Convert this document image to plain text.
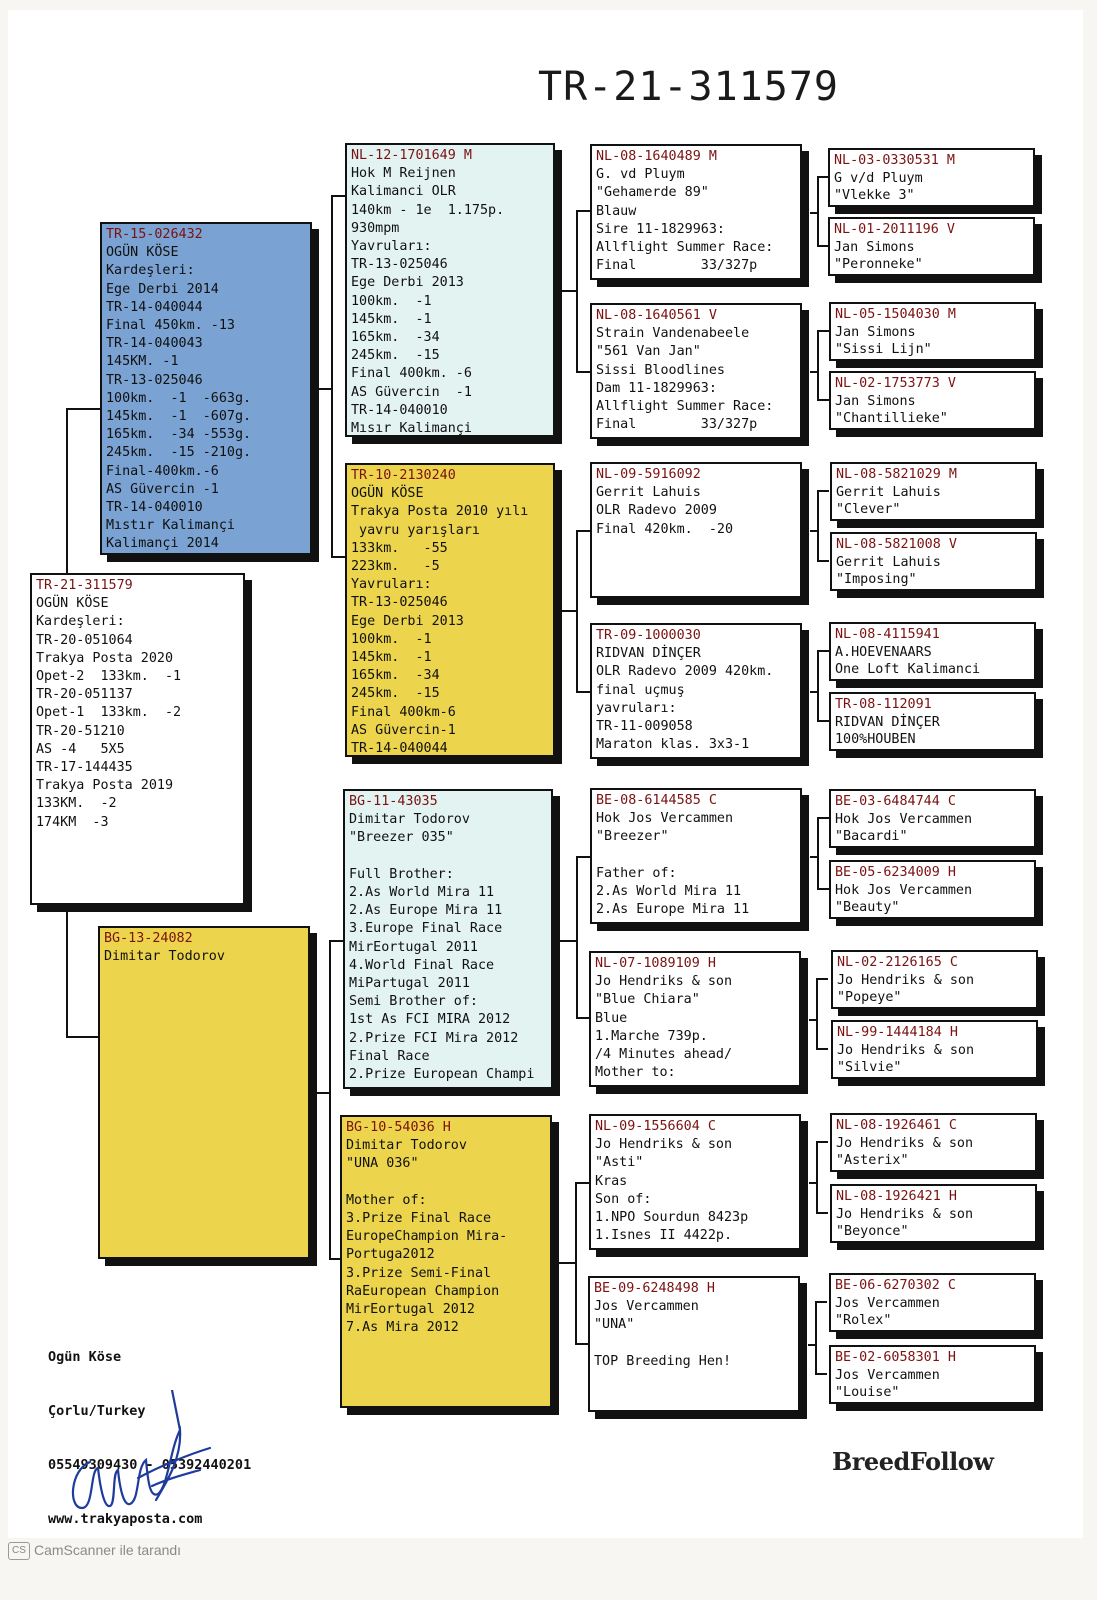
TR-21-311579
TR-21-311579
OGÜN KÖSE
Kardeşleri:
TR-20-051064
Trakya Posta 2020
Opet-2  133km.  -1
TR-20-051137
Opet-1  133km.  -2
TR-20-51210
AS -4   5X5
TR-17-144435
Trakya Posta 2019
133KM.  -2
174KM  -3
TR-15-026432
OGÜN KÖSE
Kardeşleri:
Ege Derbi 2014
TR-14-040044
Final 450km. -13
TR-14-040043
145KM. -1
TR-13-025046
100km.  -1  -663g.
145km.  -1  -607g.
165km.  -34 -553g.
245km.  -15 -210g.
Final-400km.-6
AS Güvercin -1
TR-14-040010
Mıstır Kalimançi
Kalimançi 2014
BG-13-24082
Dimitar Todorov
NL-12-1701649 M
Hok M Reijnen
Kalimanci OLR
140km - 1e  1.175p.
930mpm
Yavruları:
TR-13-025046
Ege Derbi 2013
100km.  -1
145km.  -1
165km.  -34
245km.  -15
Final 400km. -6
AS Güvercin  -1
TR-14-040010
Mısır Kalimançi
TR-10-2130240
OGÜN KÖSE
Trakya Posta 2010 yılı
yavru yarışları
133km.   -55
223km.   -5
Yavruları:
TR-13-025046
Ege Derbi 2013
100km.  -1
145km.  -1
165km.  -34
245km.  -15
Final 400km-6
AS Güvercin-1
TR-14-040044
BG-11-43035
Dimitar Todorov
"Breezer 035"

Full Brother:
2.As World Mira 11
2.As Europe Mira 11
3.Europe Final Race
MirEortugal 2011
4.World Final Race
MiPartugal 2011
Semi Brother of:
1st As FCI MIRA 2012
2.Prize FCI Mira 2012
Final Race
2.Prize European Champi
BG-10-54036 H
Dimitar Todorov
"UNA 036"

Mother of:
3.Prize Final Race
EuropeChampion Mira-
Portuga2012
3.Prize Semi-Final
RaEuropean Champion
MirEortugal 2012
7.As Mira 2012
NL-08-1640489 M
G. vd Pluym
"Gehamerde 89"
Blauw
Sire 11-1829963:
Allflight Summer Race:
Final        33/327p
NL-08-1640561 V
Strain Vandenabeele
"561 Van Jan"
Sissi Bloodlines
Dam 11-1829963:
Allflight Summer Race:
Final        33/327p
NL-09-5916092
Gerrit Lahuis
OLR Radevo 2009
Final 420km.  -20
TR-09-1000030
RIDVAN DİNÇER
OLR Radevo 2009 420km.
final uçmuş
yavruları:
TR-11-009058
Maraton klas. 3x3-1
BE-08-6144585 C
Hok Jos Vercammen
"Breezer"

Father of:
2.As World Mira 11
2.As Europe Mira 11
NL-07-1089109 H
Jo Hendriks & son
"Blue Chiara"
Blue
1.Marche 739p.
/4 Minutes ahead/
Mother to:
NL-09-1556604 C
Jo Hendriks & son
"Asti"
Kras
Son of:
1.NPO Sourdun 8423p
1.Isnes II 4422p.
BE-09-6248498 H
Jos Vercammen
"UNA"

TOP Breeding Hen!
NL-03-0330531 M
G v/d Pluym
"Vlekke 3"
NL-01-2011196 V
Jan Simons
"Peronneke"
NL-05-1504030 M
Jan Simons
"Sissi Lijn"
NL-02-1753773 V
Jan Simons
"Chantillieke"
NL-08-5821029 M
Gerrit Lahuis
"Clever"
NL-08-5821008 V
Gerrit Lahuis
"Imposing"
NL-08-4115941
A.HOEVENAARS
One Loft Kalimanci
TR-08-112091
RIDVAN DİNÇER
100%HOUBEN
BE-03-6484744 C
Hok Jos Vercammen
"Bacardi"
BE-05-6234009 H
Hok Jos Vercammen
"Beauty"
NL-02-2126165 C
Jo Hendriks & son
"Popeye"
NL-99-1444184 H
Jo Hendriks & son
"Silvie"
NL-08-1926461 C
Jo Hendriks & son
"Asterix"
NL-08-1926421 H
Jo Hendriks & son
"Beyonce"
BE-06-6270302 C
Jos Vercammen
"Rolex"
BE-02-6058301 H
Jos Vercammen
"Louise"

Ogün Köse

Çorlu/Turkey

05549309430 - 05392440201

www.trakyaposta.com

BreedFollow
CS CamScanner ile tarandı
